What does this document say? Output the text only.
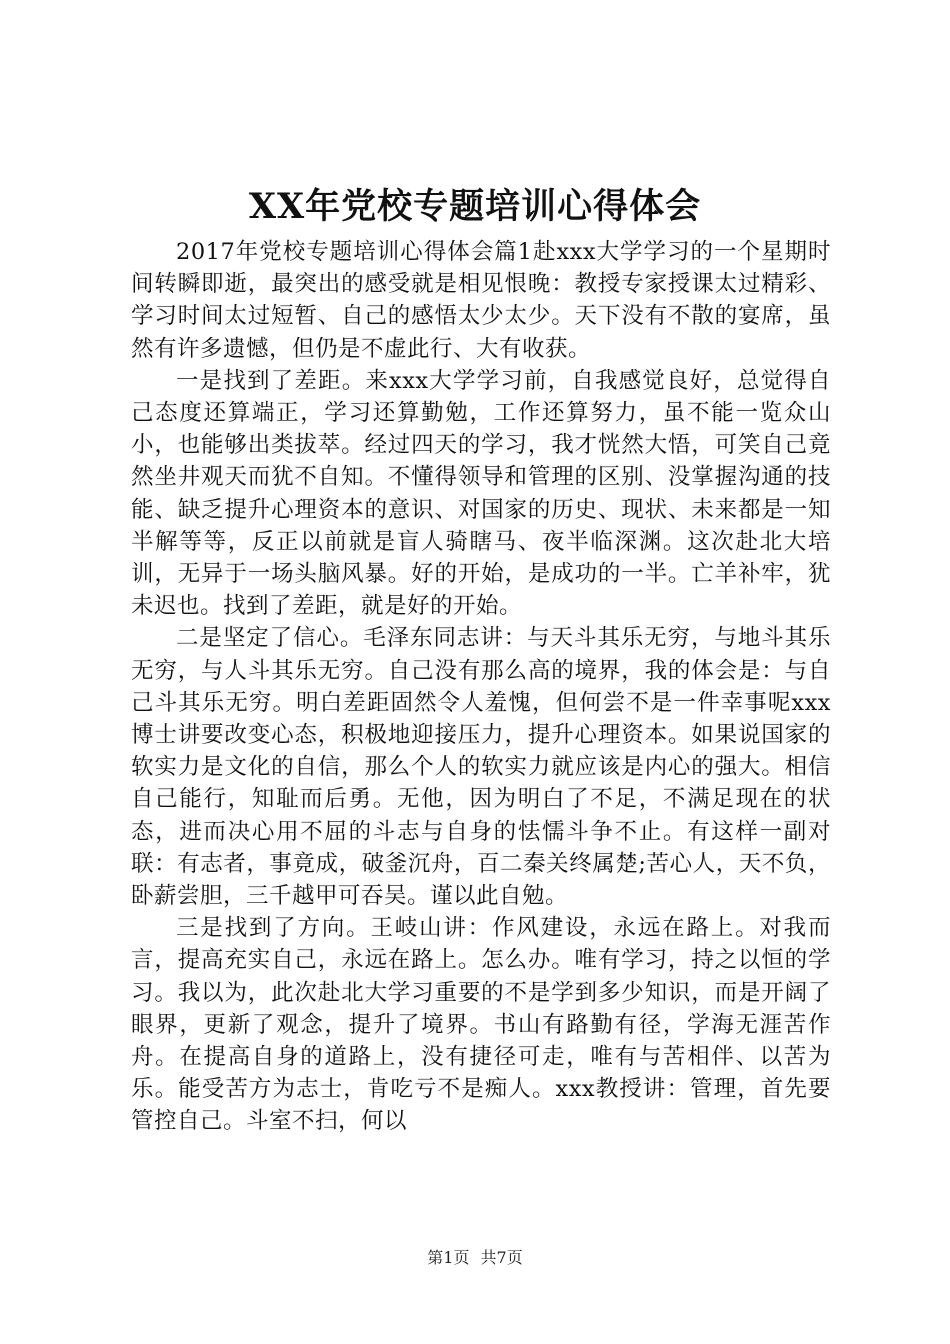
XX年党校专题培训心得体会

2017年党校专题培训心得体会篇1赴xxx大学学习的一个星期时间转瞬即逝，最突出的感受就是相见恨晚：教授专家授课太过精彩、学习时间太过短暂、自己的感悟太少太少。天下没有不散的宴席，虽然有许多遗憾，但仍是不虚此行、大有收获。

一是找到了差距。来xxx大学学习前，自我感觉良好，总觉得自己态度还算端正，学习还算勤勉，工作还算努力，虽不能一览众山小，也能够出类拔萃。经过四天的学习，我才恍然大悟，可笑自己竟然坐井观天而犹不自知。不懂得领导和管理的区别、没掌握沟通的技能、缺乏提升心理资本的意识、对国家的历史、现状、未来都是一知半解等等，反正以前就是盲人骑瞎马、夜半临深渊。这次赴北大培训，无异于一场头脑风暴。好的开始，是成功的一半。亡羊补牢，犹未迟也。找到了差距，就是好的开始。

二是坚定了信心。毛泽东同志讲：与天斗其乐无穷，与地斗其乐无穷，与人斗其乐无穷。自己没有那么高的境界，我的体会是：与自己斗其乐无穷。明白差距固然令人羞愧，但何尝不是一件幸事呢xxx博士讲要改变心态，积极地迎接压力，提升心理资本。如果说国家的软实力是文化的自信，那么个人的软实力就应该是内心的强大。相信自己能行，知耻而后勇。无他，因为明白了不足，不满足现在的状态，进而决心用不屈的斗志与自身的怯懦斗争不止。有这样一副对联：有志者，事竟成，破釜沉舟，百二秦关终属楚;苦心人，天不负，卧薪尝胆，三千越甲可吞吴。谨以此自勉。

三是找到了方向。王岐山讲：作风建设，永远在路上。对我而言，提高充实自己，永远在路上。怎么办。唯有学习，持之以恒的学习。我以为，此次赴北大学习重要的不是学到多少知识，而是开阔了眼界，更新了观念，提升了境界。书山有路勤有径，学海无涯苦作舟。在提高自身的道路上，没有捷径可走，唯有与苦相伴、以苦为乐。能受苦方为志士，肯吃亏不是痴人。xxx教授讲：管理，首先要管控自己。斗室不扫，何以

第1页 共7页
